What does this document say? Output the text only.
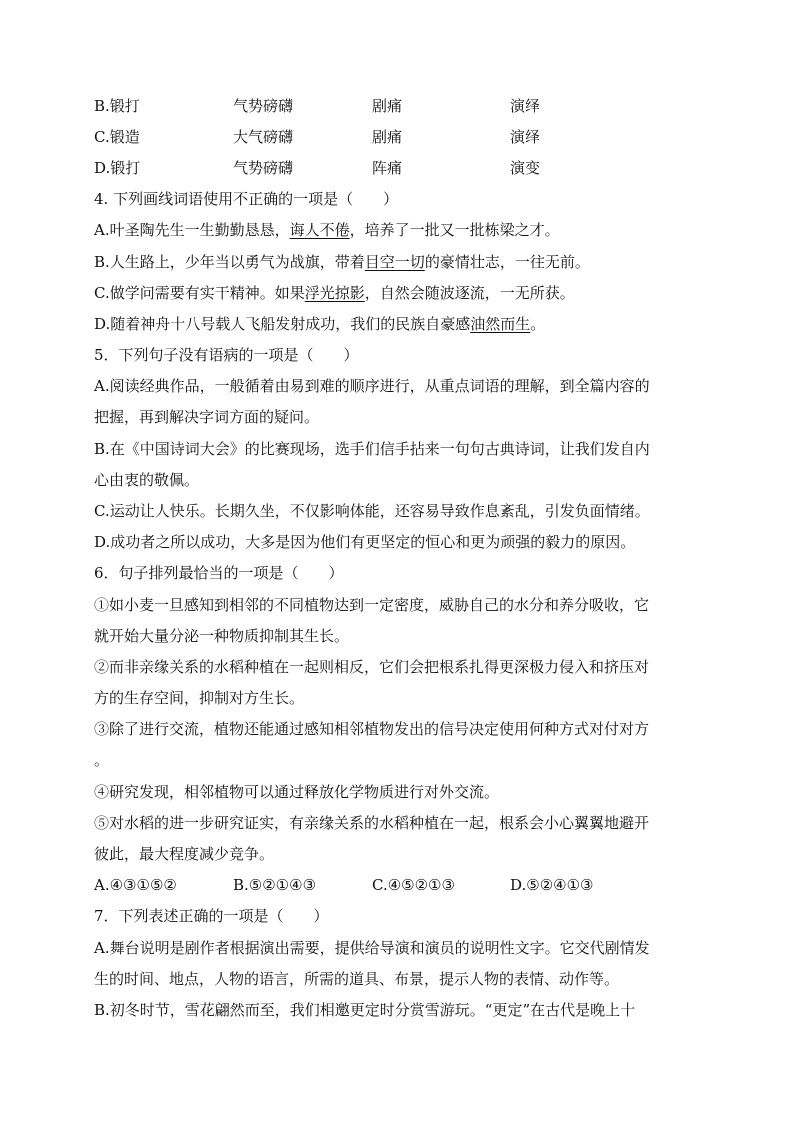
B.锻打	气势磅礴	剧痛	演绎
C.锻造	大气磅礴	剧痛	演绎
D.锻打	气势磅礴	阵痛	演变
4. 下列画线词语使用不正确的一项是（　　）
A.叶圣陶先生一生勤勤恳恳，诲人不倦，培养了一批又一批栋梁之才。
B.人生路上，少年当以勇气为战旗，带着目空一切的豪情壮志，一往无前。
C.做学问需要有实干精神。如果浮光掠影，自然会随波逐流，一无所获。
D.随着神舟十八号载人飞船发射成功，我们的民族自豪感油然而生。
5．下列句子没有语病的一项是（　　）
A.阅读经典作品，一般循着由易到难的顺序进行，从重点词语的理解，到全篇内容的
把握，再到解决字词方面的疑问。
B.在《中国诗词大会》的比赛现场，选手们信手拈来一句句古典诗词，让我们发自内
心由衷的敬佩。
C.运动让人快乐。长期久坐，不仅影响体能，还容易导致作息紊乱，引发负面情绪。
D.成功者之所以成功，大多是因为他们有更坚定的恒心和更为顽强的毅力的原因。
6．句子排列最恰当的一项是（　　）
①如小麦一旦感知到相邻的不同植物达到一定密度，威胁自己的水分和养分吸收，它
就开始大量分泌一种物质抑制其生长。
②而非亲缘关系的水稻种植在一起则相反，它们会把根系扎得更深极力侵入和挤压对
方的生存空间，抑制对方生长。
③除了进行交流，植物还能通过感知相邻植物发出的信号决定使用何种方式对付对方
。
④研究发现，相邻植物可以通过释放化学物质进行对外交流。
⑤对水稻的进一步研究证实，有亲缘关系的水稻种植在一起，根系会小心翼翼地避开
彼此，最大程度减少竞争。
A.④③①⑤②	B.⑤②①④③	C.④⑤②①③	D.⑤②④①③
7．下列表述正确的一项是（　　）
A.舞台说明是剧作者根据演出需要，提供给导演和演员的说明性文字。它交代剧情发
生的时间、地点，人物的语言，所需的道具、布景，提示人物的表情、动作等。
B.初冬时节，雪花翩然而至，我们相邀更定时分赏雪游玩。“更定”在古代是晚上十
